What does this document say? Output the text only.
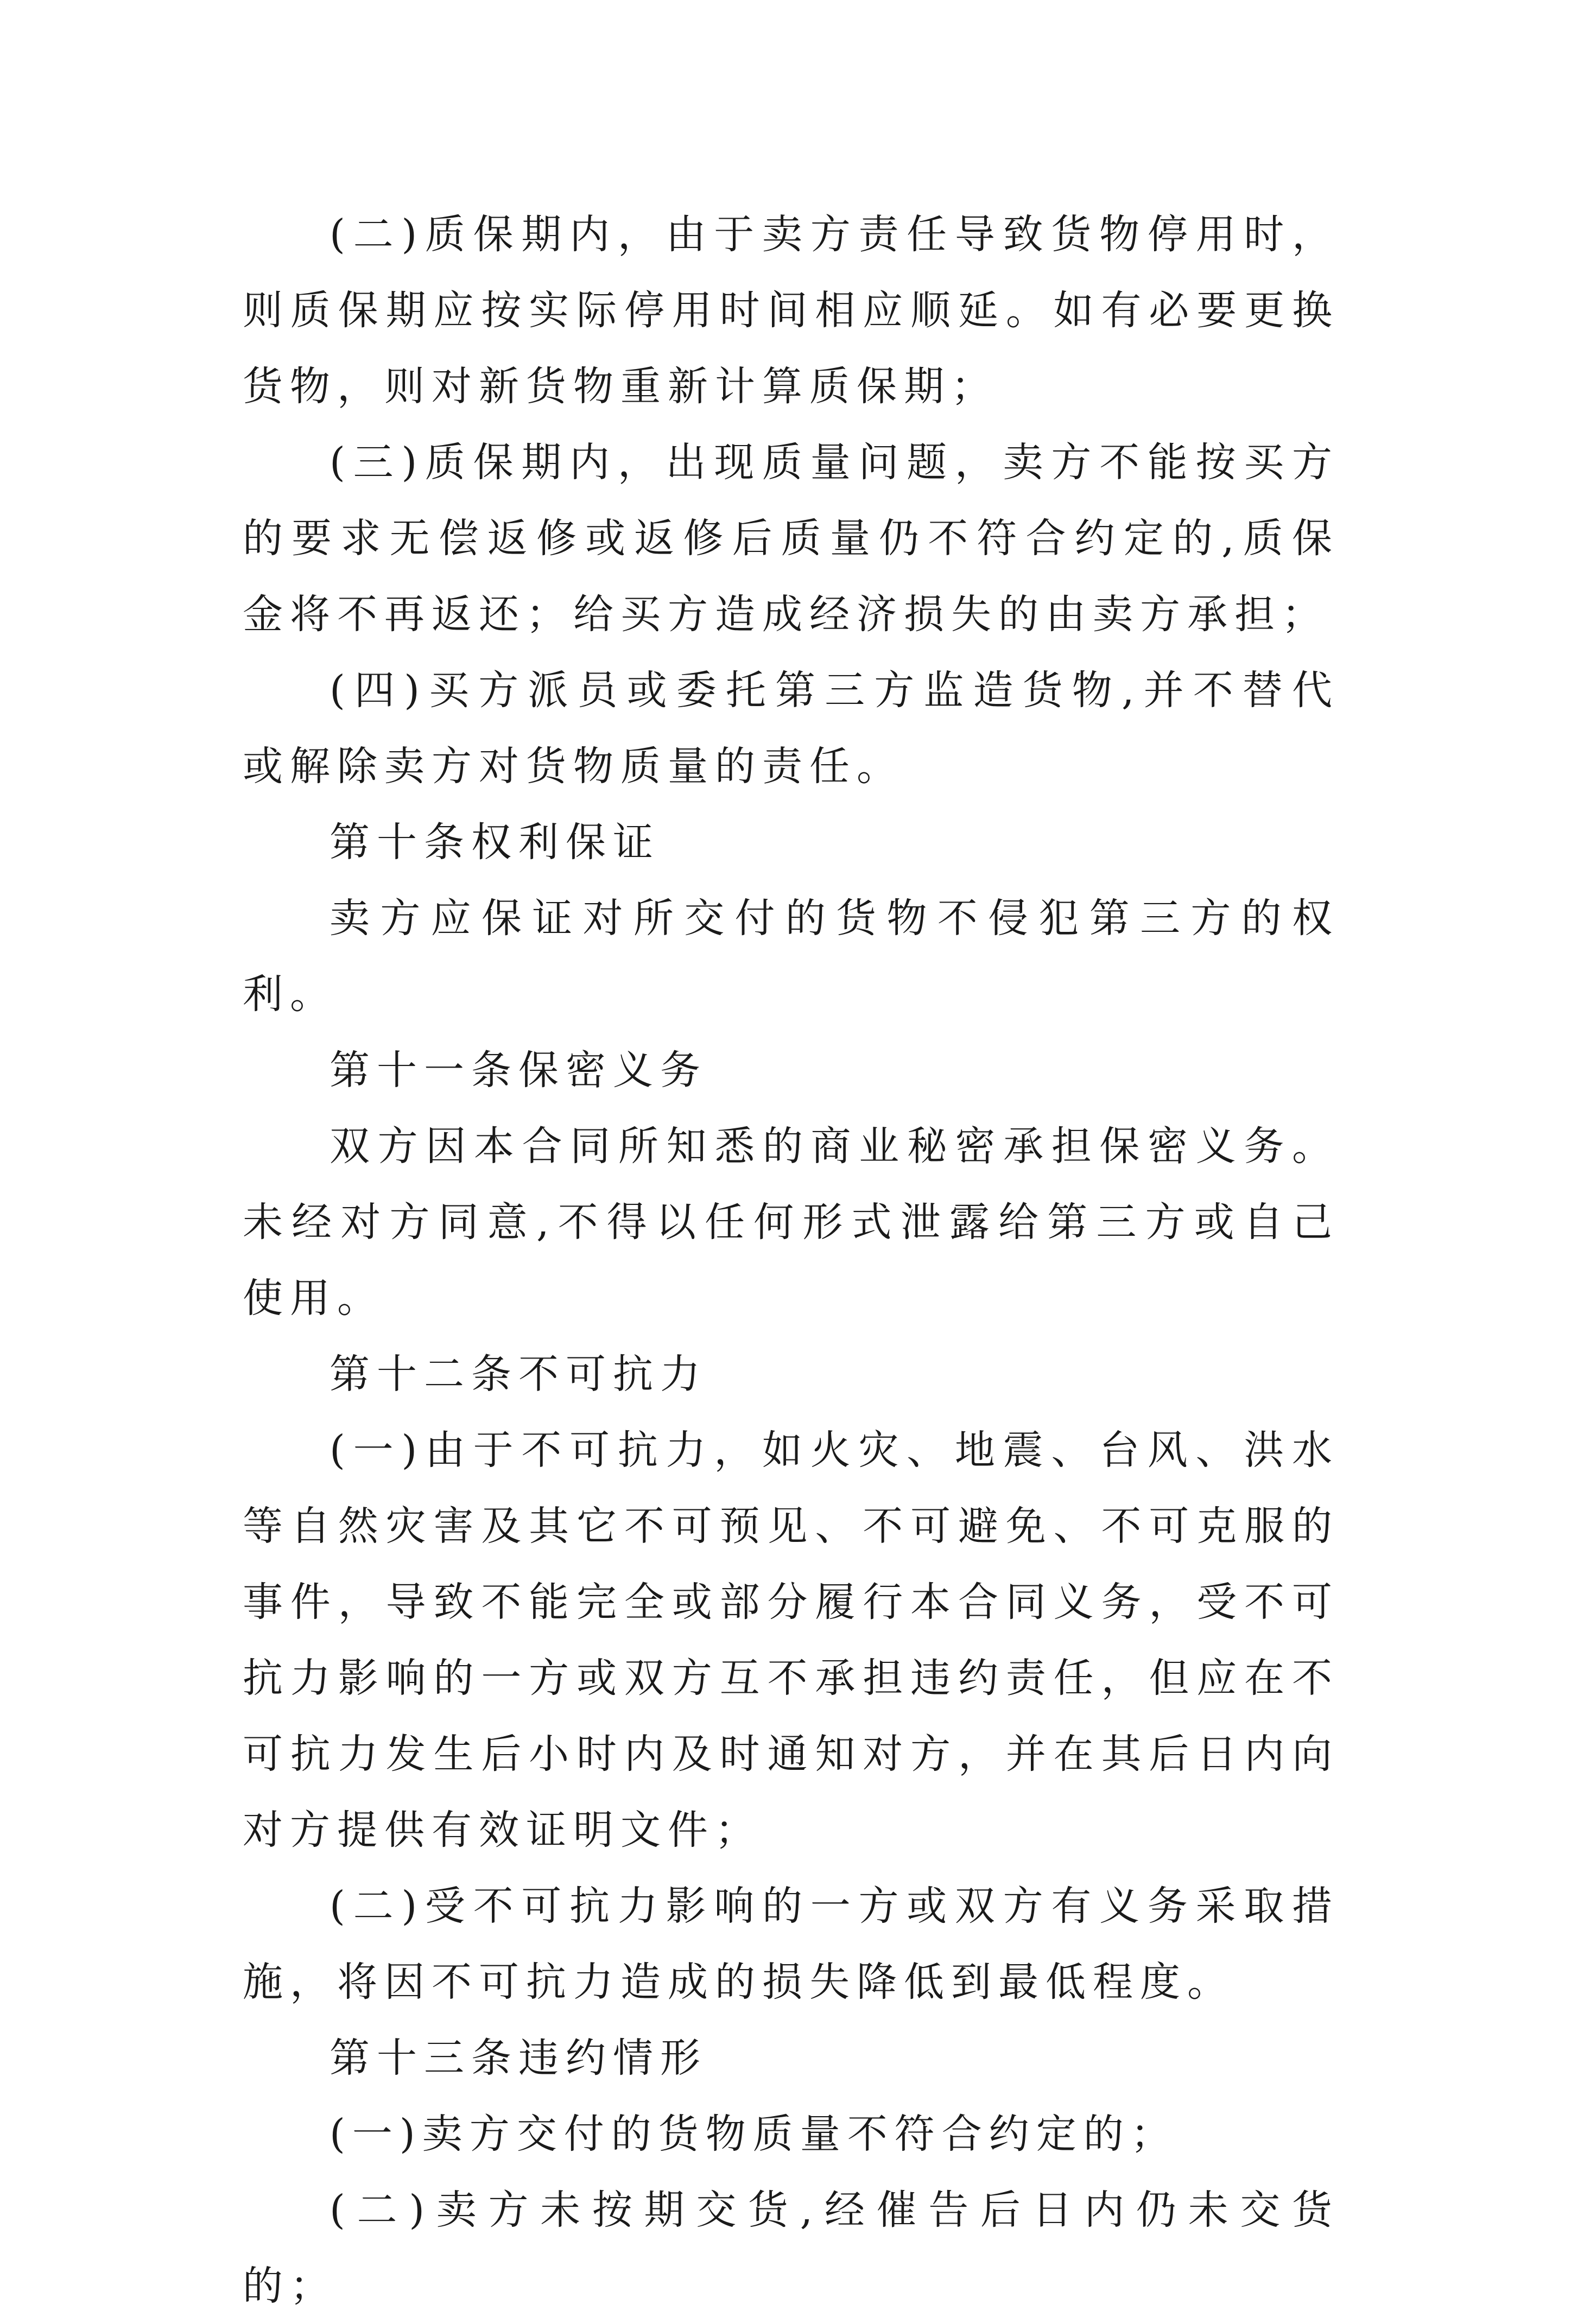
(二)质保期内，由于卖方责任导致货物停用时，则质保期应按实际停用时间相应顺延。如有必要更换货物，则对新货物重新计算质保期；

(三)质保期内，出现质量问题，卖方不能按买方的要求无偿返修或返修后质量仍不符合约定的,质保金将不再返还；给买方造成经济损失的由卖方承担；

(四)买方派员或委托第三方监造货物,并不替代或解除卖方对货物质量的责任。

第十条权利保证

卖方应保证对所交付的货物不侵犯第三方的权利。

第十一条保密义务

双方因本合同所知悉的商业秘密承担保密义务。未经对方同意,不得以任何形式泄露给第三方或自己使用。

第十二条不可抗力

(一)由于不可抗力，如火灾、地震、台风、洪水等自然灾害及其它不可预见、不可避免、不可克服的事件，导致不能完全或部分履行本合同义务，受不可抗力影响的一方或双方互不承担违约责任，但应在不可抗力发生后小时内及时通知对方，并在其后日内向对方提供有效证明文件；

(二)受不可抗力影响的一方或双方有义务采取措施，将因不可抗力造成的损失降低到最低程度。

第十三条违约情形

(一)卖方交付的货物质量不符合约定的；

(二)卖方未按期交货,经催告后日内仍未交货的；
